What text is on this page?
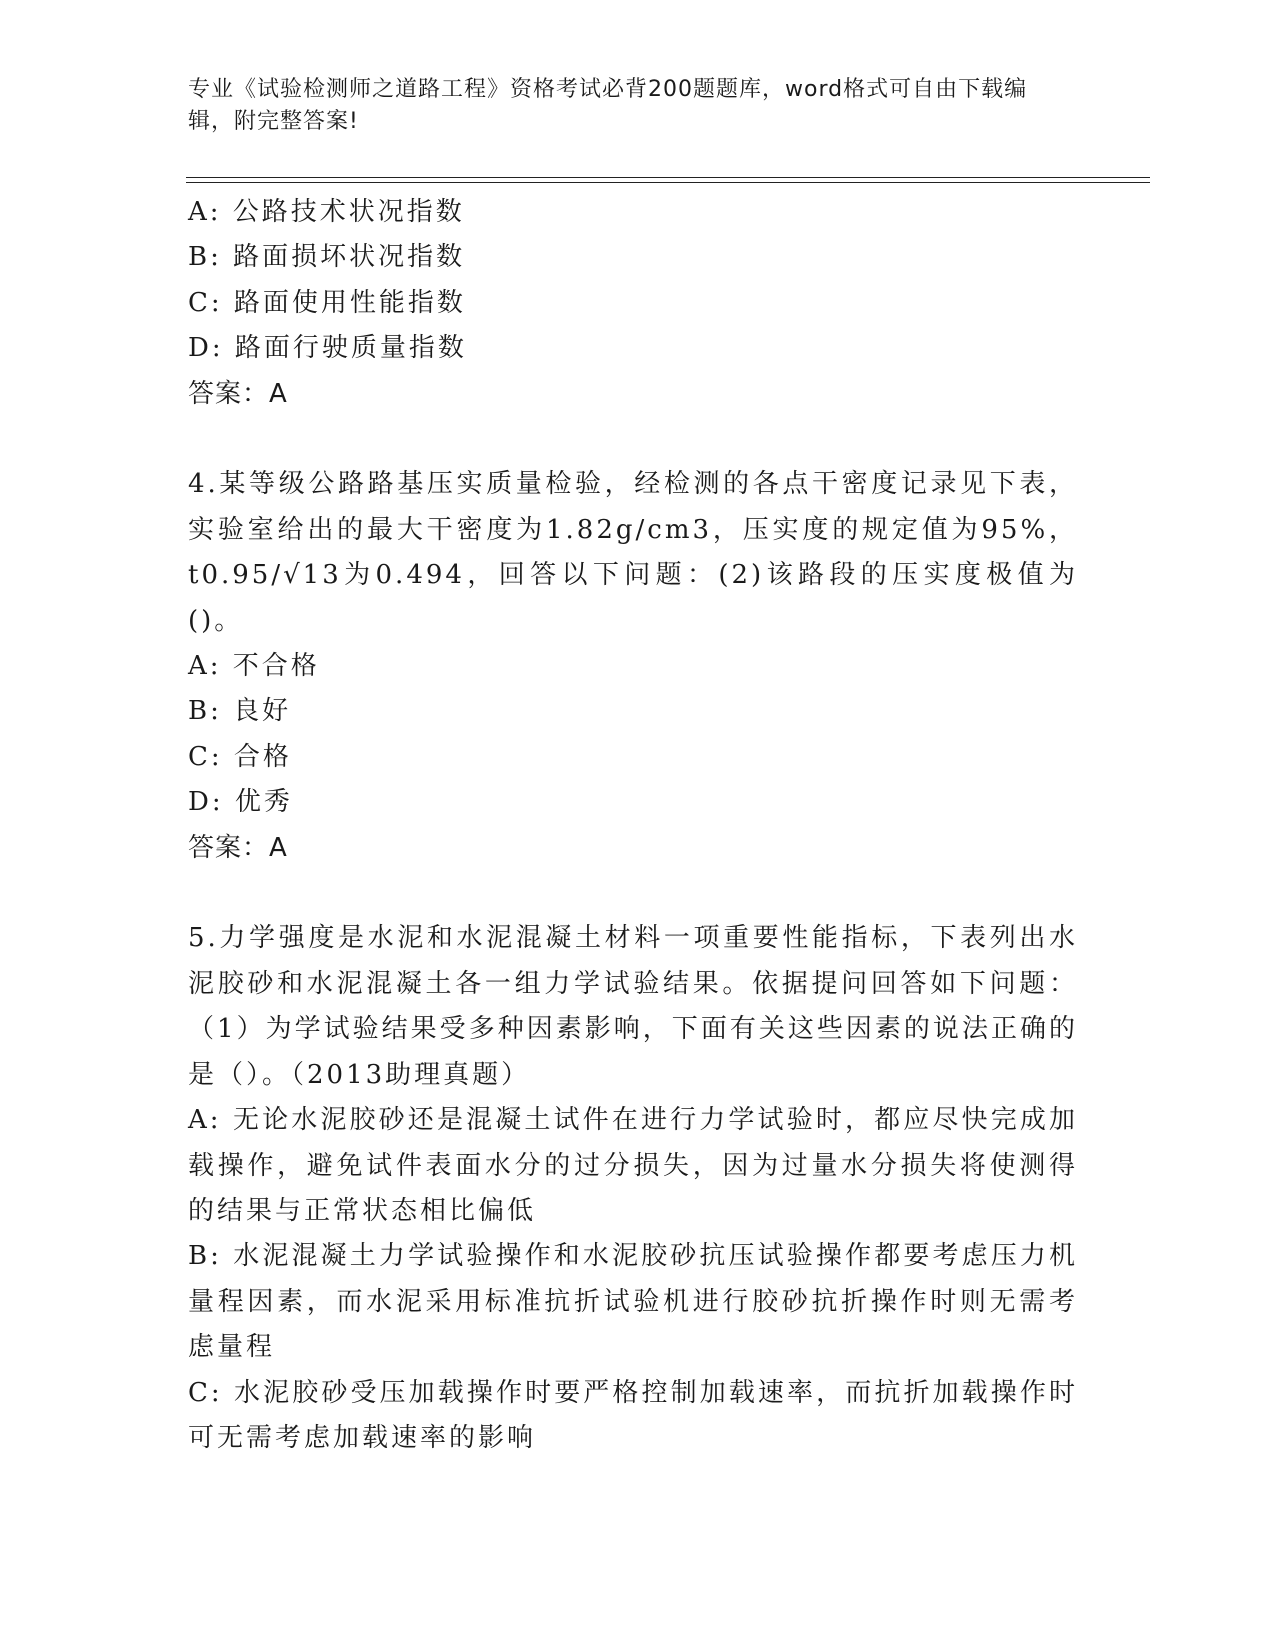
专业《试验检测师之道路工程》资格考试必背200题题库，word格式可自由下载编辑，附完整答案!

A: 公路技术状况指数

B: 路面损坏状况指数

C: 路面使用性能指数

D: 路面行驶质量指数

答案：A

4.某等级公路路基压实质量检验，经检测的各点干密度记录见下表，实验室给出的最大干密度为1.82g/cm3，压实度的规定值为95%，t0.95/√13为0.494，回答以下问题：(2)该路段的压实度极值为()。

A: 不合格

B: 良好

C: 合格

D: 优秀

答案：A

5.力学强度是水泥和水泥混凝土材料一项重要性能指标，下表列出水泥胶砂和水泥混凝土各一组力学试验结果。依据提问回答如下问题：（1）为学试验结果受多种因素影响，下面有关这些因素的说法正确的是（）。（2013助理真题）

A: 无论水泥胶砂还是混凝土试件在进行力学试验时，都应尽快完成加载操作，避免试件表面水分的过分损失，因为过量水分损失将使测得的结果与正常状态相比偏低

B: 水泥混凝土力学试验操作和水泥胶砂抗压试验操作都要考虑压力机量程因素，而水泥采用标准抗折试验机进行胶砂抗折操作时则无需考虑量程

C: 水泥胶砂受压加载操作时要严格控制加载速率，而抗折加载操作时可无需考虑加载速率的影响
